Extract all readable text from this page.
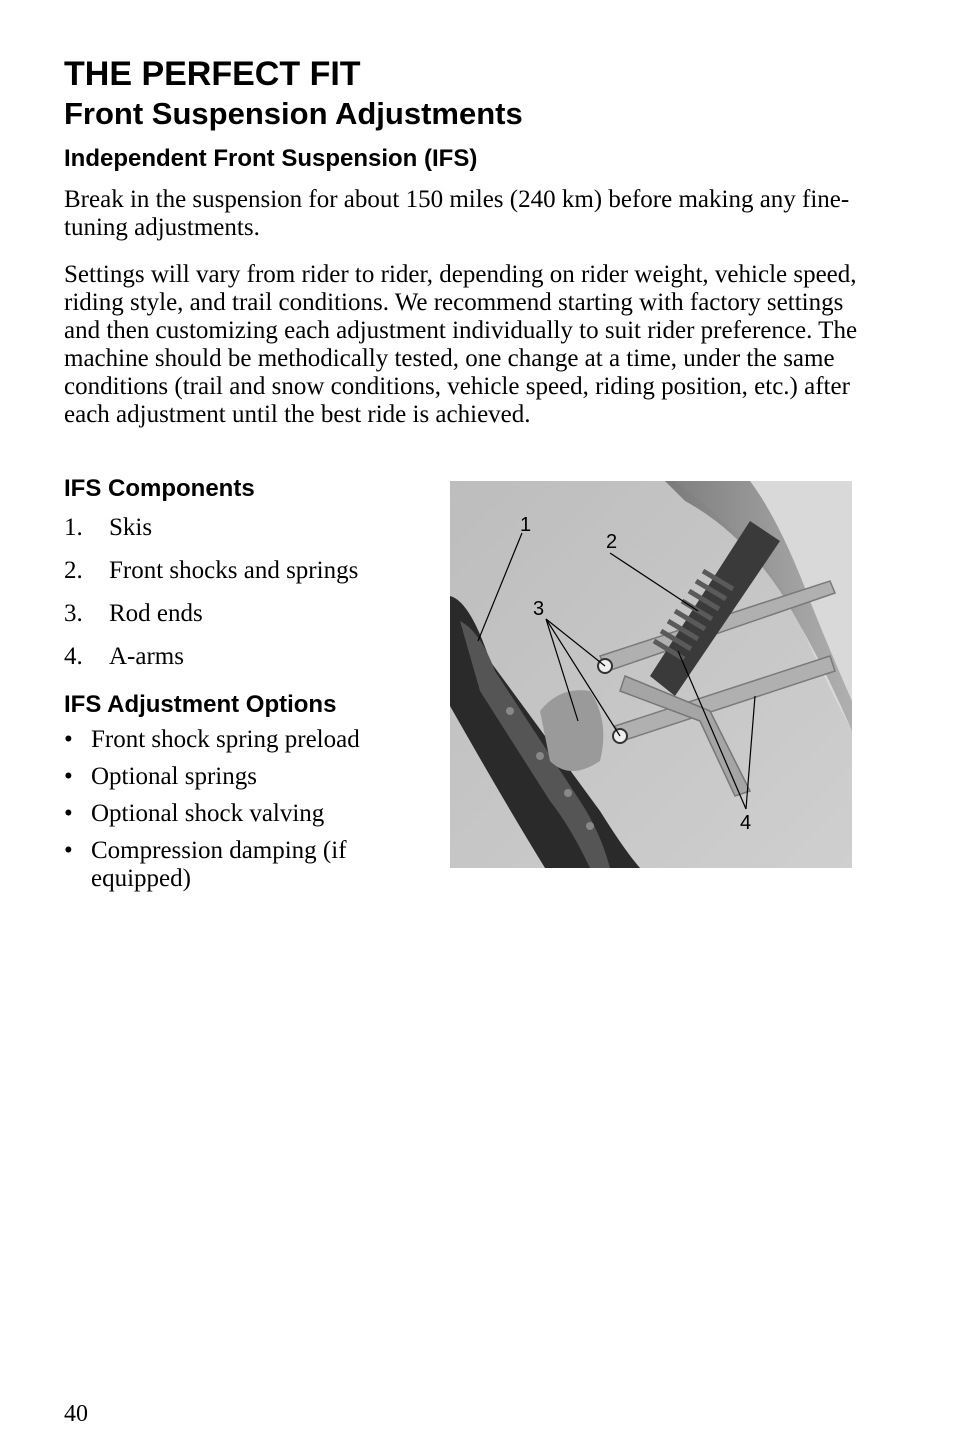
THE PERFECT FIT
Front Suspension Adjustments
Independent Front Suspension (IFS)

Break in the suspension for about 150 miles (240 km) before making any fine-tuning adjustments.

Settings will vary from rider to rider, depending on rider weight, vehicle speed, riding style, and trail conditions. We recommend starting with factory settings and then customizing each adjustment individually to suit rider preference. The machine should be methodically tested, one change at a time, under the same conditions (trail and snow conditions, vehicle speed, riding position, etc.) after each adjustment until the best ride is achieved.

IFS Components
1. Skis
2. Front shocks and springs
3. Rod ends
4. A-arms
IFS Adjustment Options
• Front shock spring preload
• Optional springs
• Optional shock valving
• Compression damping (if equipped)
1
2
3
4
40
